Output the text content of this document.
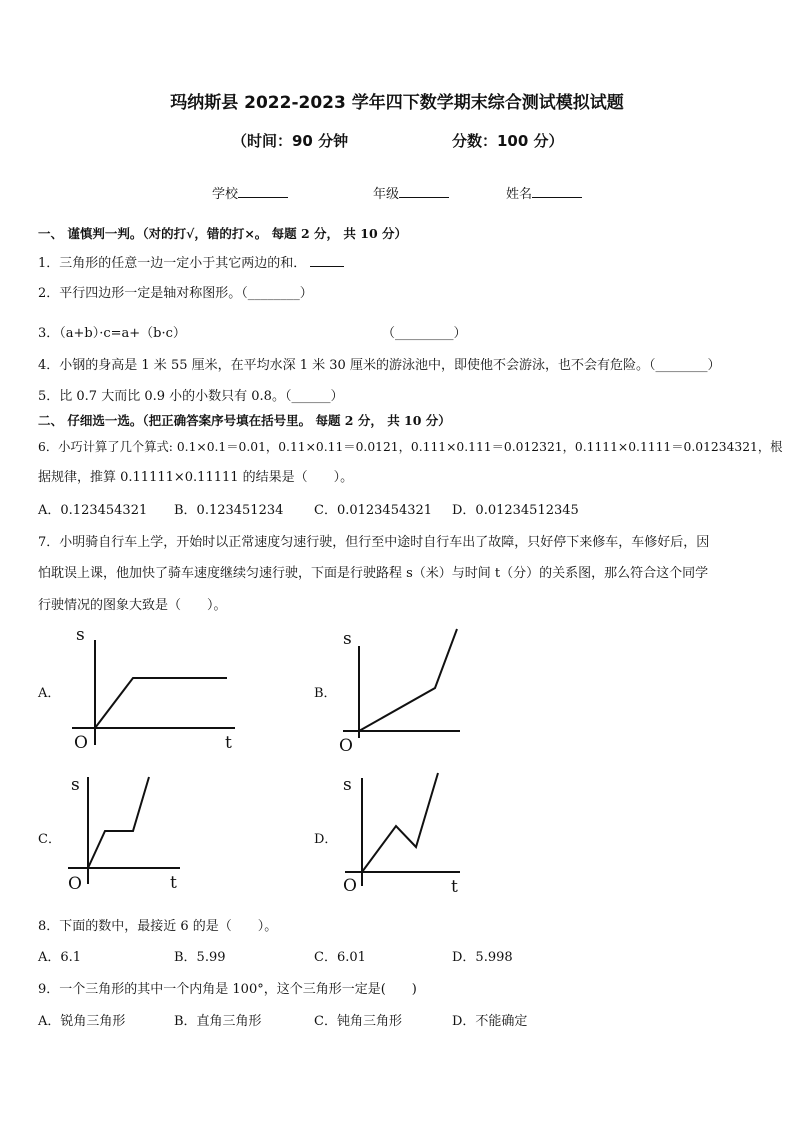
玛纳斯县 2022-2023 学年四下数学期末综合测试模拟试题
（时间：90 分钟	分数：100 分）
学校	年级	姓名
一、 谨慎判一判。（对的打√，错的打×。 每题 2 分， 共 10 分）
1．三角形的任意一边一定小于其它两边的和．
2．平行四边形一定是轴对称图形。（________）
3．（a+b）·c=a+（b·c）	（_________）
4．小钢的身高是 1 米 55 厘米，在平均水深 1 米 30 厘米的游泳池中，即使他不会游泳，也不会有危险。（________）
5．比 0.7 大而比 0.9 小的小数只有 0.8。（______）
二、 仔细选一选。（把正确答案序号填在括号里。 每题 2 分， 共 10 分）
6．小巧计算了几个算式: 0.1×0.1＝0.01，0.11×0.11＝0.0121，0.111×0.111＝0.012321，0.1111×0.1111＝0.01234321，根
据规律，推算 0.11111×0.11111 的结果是（　　）。
A．0.123454321 B．0.123451234 C．0.0123454321 D．0.01234512345
7．小明骑自行车上学，开始时以正常速度匀速行驶，但行至中途时自行车出了故障，只好停下来修车，车修好后，因
怕耽误上课，他加快了骑车速度继续匀速行驶，下面是行驶路程 s（米）与时间 t（分）的关系图，那么符合这个同学
行驶情况的图象大致是（　　）。
A．	B．
C．	D．
s
t
O
s
O
s
t
O
s
t
O
8．下面的数中，最接近 6 的是（　　）。
A．6.1	B．5.99	C．6.01	D．5.998
9．一个三角形的其中一个内角是 100°，这个三角形一定是(　　)
A．锐角三角形	B．直角三角形	C．钝角三角形	D．不能确定
